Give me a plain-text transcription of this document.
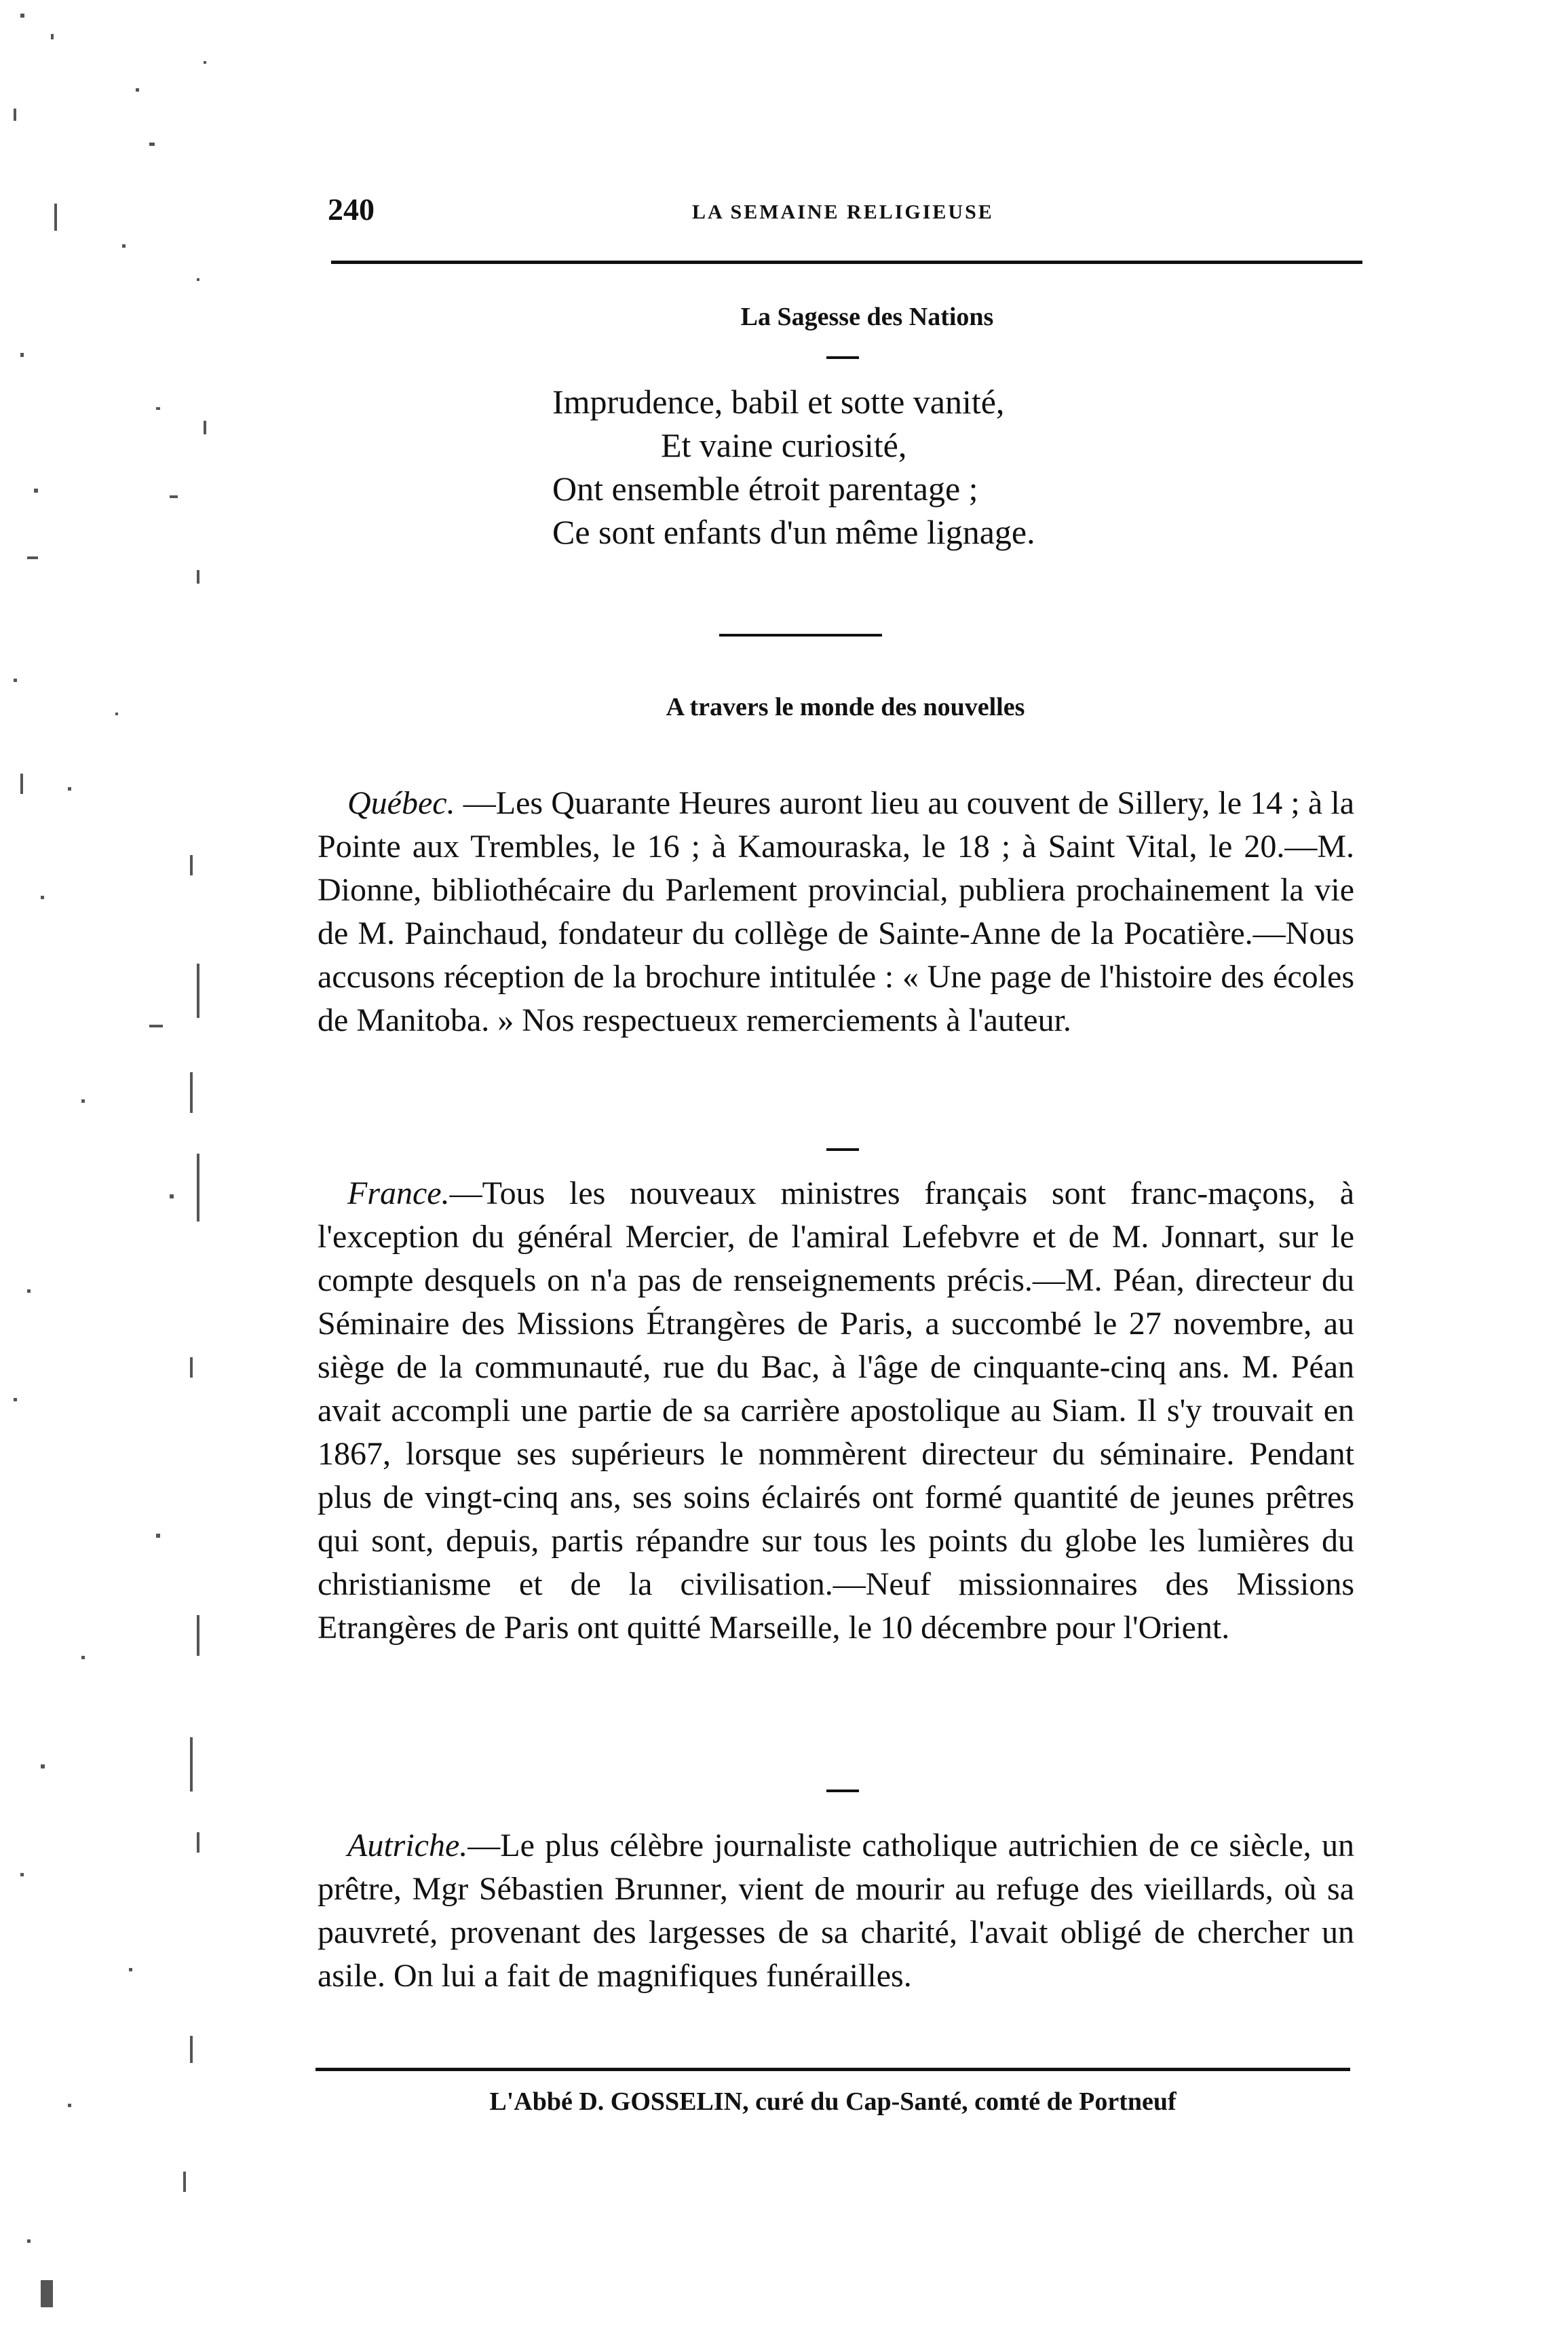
240	LA SEMAINE RELIGIEUSE
La Sagesse des Nations
Imprudence, babil et sotte vanité,
Et vaine curiosité,
Ont ensemble étroit parentage ;
Ce sont enfants d'un même lignage.
A travers le monde des nouvelles
Québec. —Les Quarante Heures auront lieu au couvent de Sillery, le 14 ; à la Pointe aux Trembles, le 16 ; à Kamouraska, le 18 ; à Saint Vital, le 20.—M. Dionne, bibliothécaire du Parlement provincial, publiera prochainement la vie de M. Painchaud, fondateur du collège de Sainte-Anne de la Pocatière.—Nous accusons réception de la brochure intitulée : « Une page de l'histoire des écoles de Manitoba. » Nos respectueux remerciements à l'auteur.
France.—Tous les nouveaux ministres français sont franc-maçons, à l'exception du général Mercier, de l'amiral Lefebvre et de M. Jonnart, sur le compte desquels on n'a pas de renseignements précis.—M. Péan, directeur du Séminaire des Missions Étrangères de Paris, a succombé le 27 novembre, au siège de la communauté, rue du Bac, à l'âge de cinquante-cinq ans. M. Péan avait accompli une partie de sa carrière apostolique au Siam. Il s'y trouvait en 1867, lorsque ses supérieurs le nommèrent directeur du séminaire. Pendant plus de vingt-cinq ans, ses soins éclairés ont formé quantité de jeunes prêtres qui sont, depuis, partis répandre sur tous les points du globe les lumières du christianisme et de la civilisation.—Neuf missionnaires des Missions Etrangères de Paris ont quitté Marseille, le 10 décembre pour l'Orient.
Autriche.—Le plus célèbre journaliste catholique autrichien de ce siècle, un prêtre, Mgr Sébastien Brunner, vient de mourir au refuge des vieillards, où sa pauvreté, provenant des largesses de sa charité, l'avait obligé de chercher un asile. On lui a fait de magnifiques funérailles.
L'Abbé D. GOSSELIN, curé du Cap-Santé, comté de Portneuf
